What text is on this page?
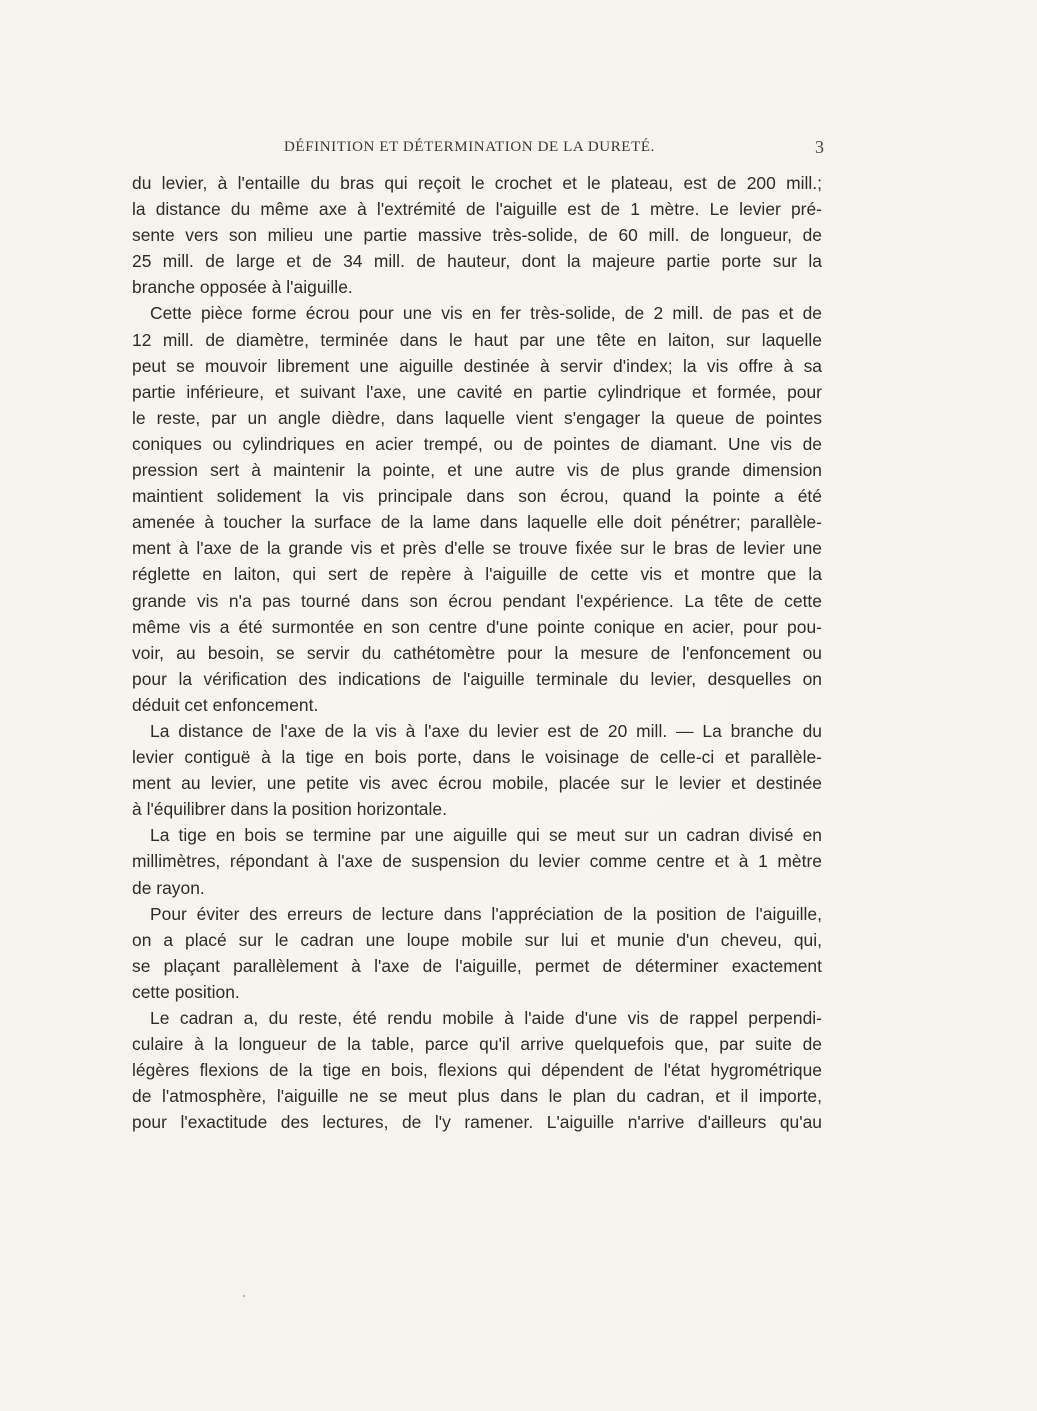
DÉFINITION ET DÉTERMINATION DE LA DURETÉ.	3
du levier, à l'entaille du bras qui reçoit le crochet et le plateau, est de 200 mill.;
la distance du même axe à l'extrémité de l'aiguille est de 1 mètre. Le levier pré-
sente vers son milieu une partie massive très-solide, de 60 mill. de longueur, de
25 mill. de large et de 34 mill. de hauteur, dont la majeure partie porte sur la
branche opposée à l'aiguille.
Cette pièce forme écrou pour une vis en fer très-solide, de 2 mill. de pas et de
12 mill. de diamètre, terminée dans le haut par une tête en laiton, sur laquelle
peut se mouvoir librement une aiguille destinée à servir d'index; la vis offre à sa
partie inférieure, et suivant l'axe, une cavité en partie cylindrique et formée, pour
le reste, par un angle dièdre, dans laquelle vient s'engager la queue de pointes
coniques ou cylindriques en acier trempé, ou de pointes de diamant. Une vis de
pression sert à maintenir la pointe, et une autre vis de plus grande dimension
maintient solidement la vis principale dans son écrou, quand la pointe a été
amenée à toucher la surface de la lame dans laquelle elle doit pénétrer; parallèle-
ment à l'axe de la grande vis et près d'elle se trouve fixée sur le bras de levier une
réglette en laiton, qui sert de repère à l'aiguille de cette vis et montre que la
grande vis n'a pas tourné dans son écrou pendant l'expérience. La tête de cette
même vis a été surmontée en son centre d'une pointe conique en acier, pour pou-
voir, au besoin, se servir du cathétomètre pour la mesure de l'enfoncement ou
pour la vérification des indications de l'aiguille terminale du levier, desquelles on
déduit cet enfoncement.
La distance de l'axe de la vis à l'axe du levier est de 20 mill. — La branche du
levier contiguë à la tige en bois porte, dans le voisinage de celle-ci et parallèle-
ment au levier, une petite vis avec écrou mobile, placée sur le levier et destinée
à l'équilibrer dans la position horizontale.
La tige en bois se termine par une aiguille qui se meut sur un cadran divisé en
millimètres, répondant à l'axe de suspension du levier comme centre et à 1 mètre
de rayon.
Pour éviter des erreurs de lecture dans l'appréciation de la position de l'aiguille,
on a placé sur le cadran une loupe mobile sur lui et munie d'un cheveu, qui,
se plaçant parallèlement à l'axe de l'aiguille, permet de déterminer exactement
cette position.
Le cadran a, du reste, été rendu mobile à l'aide d'une vis de rappel perpendi-
culaire à la longueur de la table, parce qu'il arrive quelquefois que, par suite de
légères flexions de la tige en bois, flexions qui dépendent de l'état hygrométrique
de l'atmosphère, l'aiguille ne se meut plus dans le plan du cadran, et il importe,
pour l'exactitude des lectures, de l'y ramener. L'aiguille n'arrive d'ailleurs qu'au
